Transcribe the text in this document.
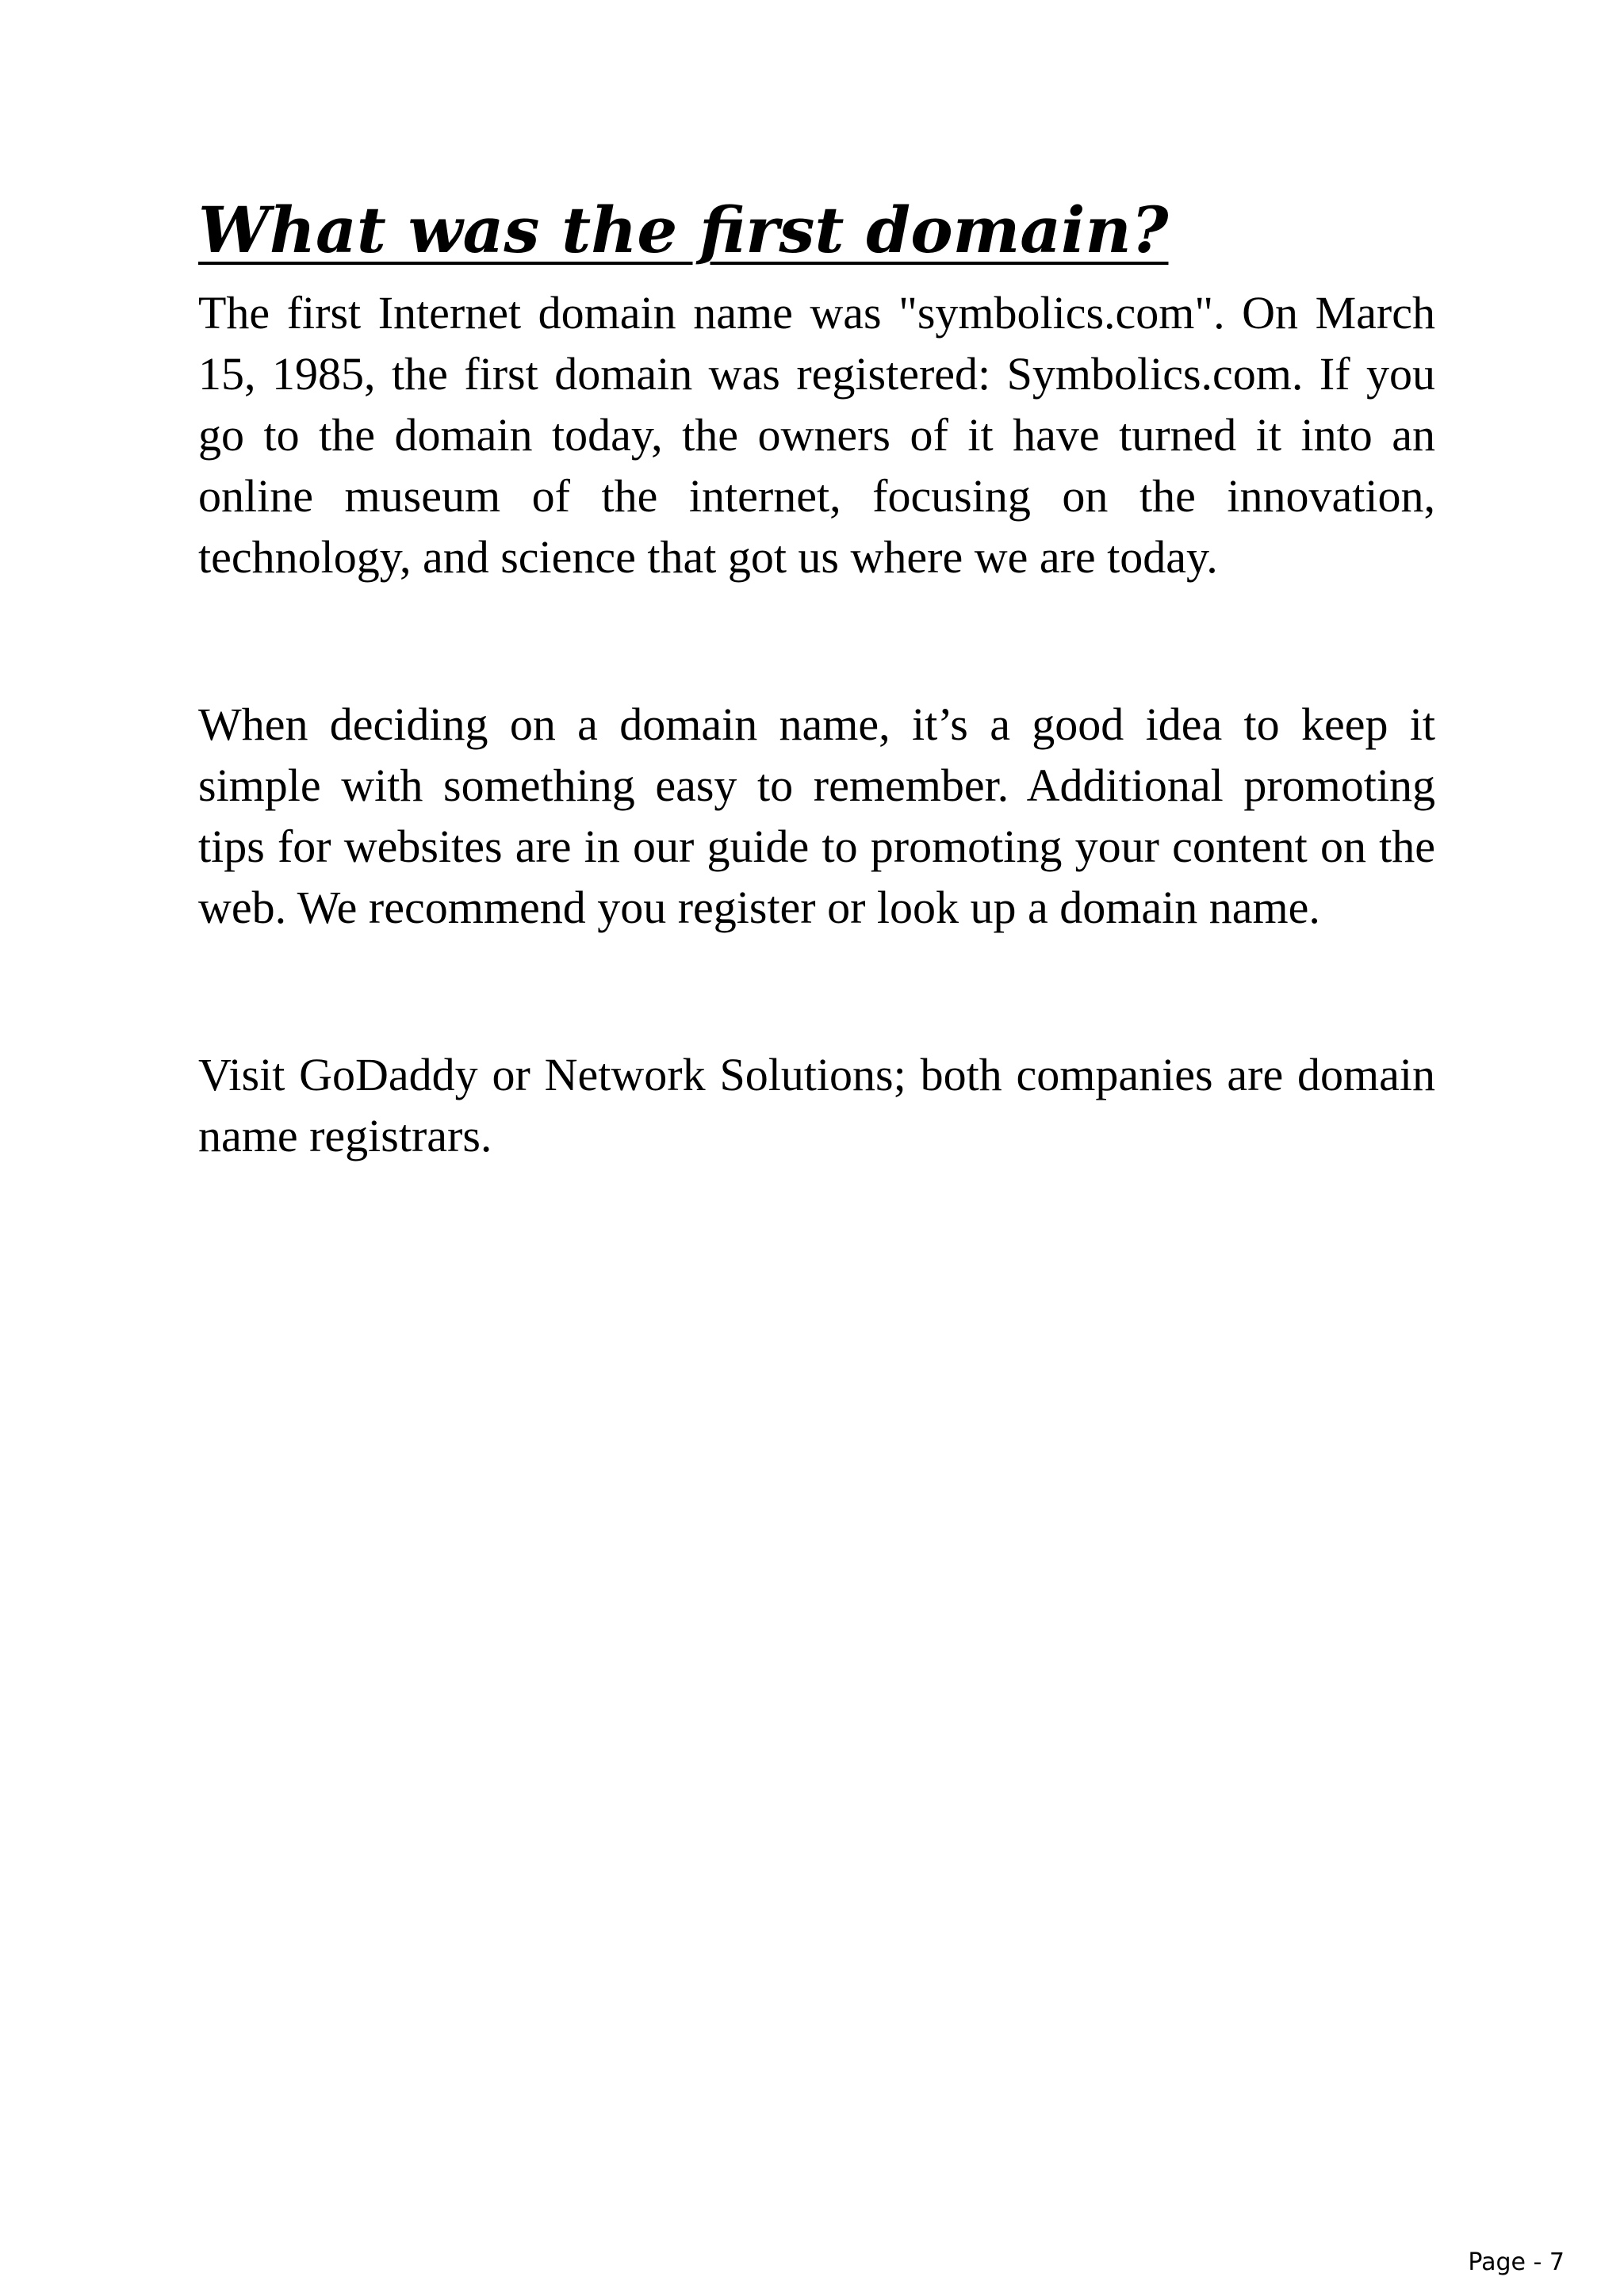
What was the first domain?

The first Internet domain name was "symbolics.com". On March 15, 1985, the first domain was registered: Symbolics.com. If you go to the domain today, the owners of it have turned it into an online museum of the internet, focusing on the innovation, technology, and science that got us where we are today.

When deciding on a domain name, it’s a good idea to keep it simple with something easy to remember. Additional promoting tips for websites are in our guide to promoting your content on the web. We recommend you register or look up a domain name.

Visit GoDaddy or Network Solutions; both companies are domain name registrars.

Page - 7
